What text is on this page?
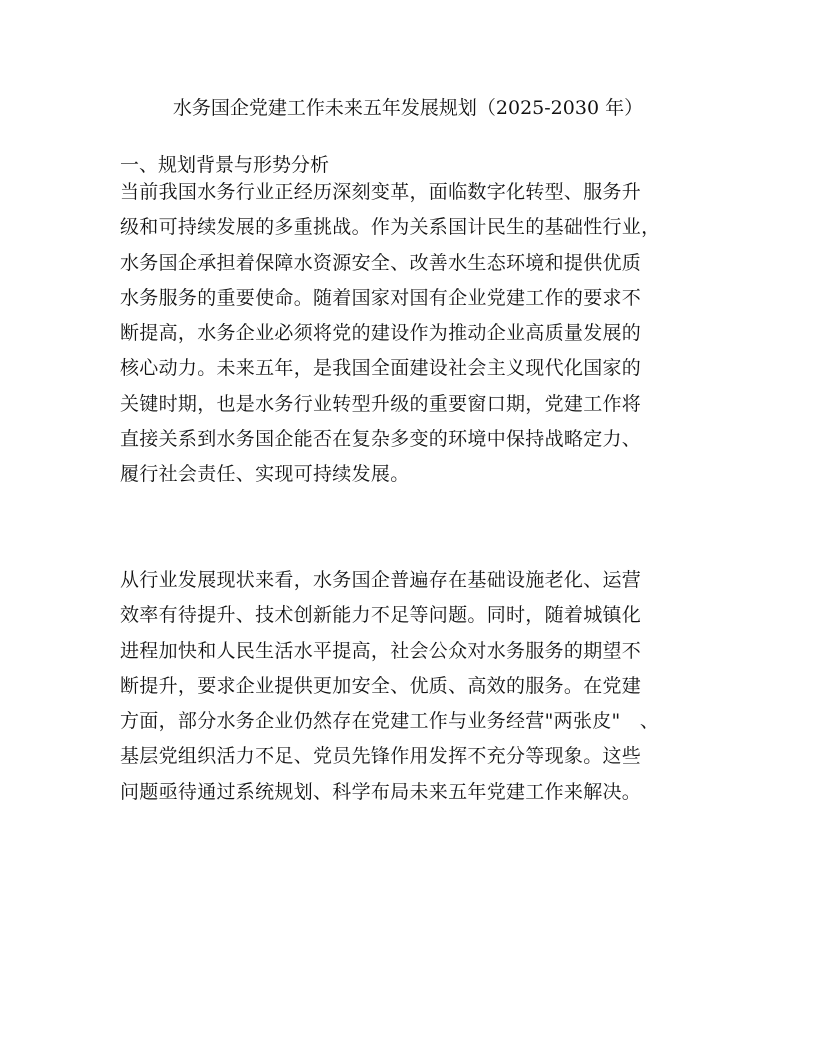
水务国企党建工作未来五年发展规划（2025-2030 年）
一、规划背景与形势分析
当前我国水务行业正经历深刻变革，面临数字化转型、服务升
级和可持续发展的多重挑战。作为关系国计民生的基础性行业，
水务国企承担着保障水资源安全、改善水生态环境和提供优质
水务服务的重要使命。随着国家对国有企业党建工作的要求不
断提高，水务企业必须将党的建设作为推动企业高质量发展的
核心动力。未来五年，是我国全面建设社会主义现代化国家的
关键时期，也是水务行业转型升级的重要窗口期，党建工作将
直接关系到水务国企能否在复杂多变的环境中保持战略定力、
履行社会责任、实现可持续发展。
从行业发展现状来看，水务国企普遍存在基础设施老化、运营
效率有待提升、技术创新能力不足等问题。同时，随着城镇化
进程加快和人民生活水平提高，社会公众对水务服务的期望不
断提升，要求企业提供更加安全、优质、高效的服务。在党建
方面，部分水务企业仍然存在党建工作与业务经营"两张皮"　、
基层党组织活力不足、党员先锋作用发挥不充分等现象。这些
问题亟待通过系统规划、科学布局未来五年党建工作来解决。
